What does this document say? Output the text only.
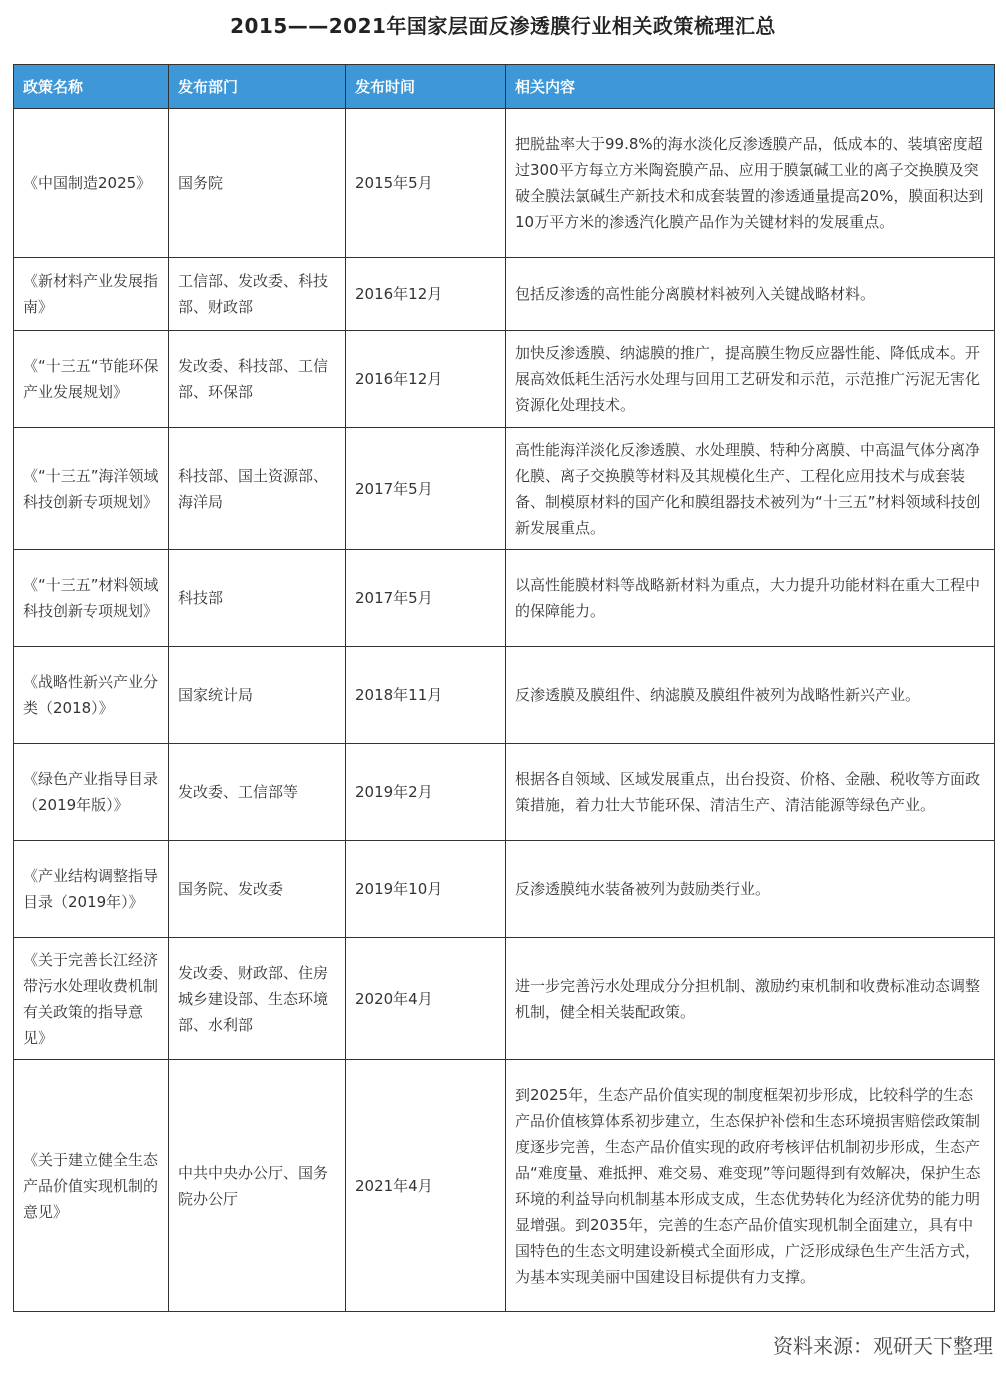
2015——2021年国家层面反渗透膜行业相关政策梳理汇总
政策名称	发布部门	发布时间	相关内容
《中国制造2025》	国务院	2015年5月	把脱盐率大于99.8%的海水淡化反渗透膜产品，低成本的、装填密度超过300平方每立方米陶瓷膜产品、应用于膜氯碱工业的离子交换膜及突破全膜法氯碱生产新技术和成套装置的渗透通量提高20%，膜面积达到10万平方米的渗透汽化膜产品作为关键材料的发展重点。
《新材料产业发展指南》	工信部、发改委、科技部、财政部	2016年12月	包括反渗透的高性能分离膜材料被列入关键战略材料。
《“十三五“节能环保产业发展规划》	发改委、科技部、工信部、环保部	2016年12月	加快反渗透膜、纳滤膜的推广，提高膜生物反应器性能、降低成本。开展高效低耗生活污水处理与回用工艺研发和示范，示范推广污泥无害化资源化处理技术。
《“十三五”海洋领域科技创新专项规划》	科技部、国土资源部、海洋局	2017年5月	高性能海洋淡化反渗透膜、水处理膜、特种分离膜、中高温气体分离净化膜、离子交换膜等材料及其规模化生产、工程化应用技术与成套装备、制模原材料的国产化和膜组器技术被列为“十三五”材料领域科技创新发展重点。
《“十三五”材料领域科技创新专项规划》	科技部	2017年5月	以高性能膜材料等战略新材料为重点，大力提升功能材料在重大工程中的保障能力。
《战略性新兴产业分类（2018）》	国家统计局	2018年11月	反渗透膜及膜组件、纳滤膜及膜组件被列为战略性新兴产业。
《绿色产业指导目录（2019年版）》	发改委、工信部等	2019年2月	根据各自领域、区域发展重点，出台投资、价格、金融、税收等方面政策措施，着力壮大节能环保、清洁生产、清洁能源等绿色产业。
《产业结构调整指导目录（2019年）》	国务院、发改委	2019年10月	反渗透膜纯水装备被列为鼓励类行业。
《关于完善长江经济带污水处理收费机制有关政策的指导意见》	发改委、财政部、住房城乡建设部、生态环境部、水利部	2020年4月	进一步完善污水处理成分分担机制、激励约束机制和收费标准动态调整机制，健全相关装配政策。
《关于建立健全生态产品价值实现机制的意见》	中共中央办公厅、国务院办公厅	2021年4月	到2025年，生态产品价值实现的制度框架初步形成，比较科学的生态产品价值核算体系初步建立，生态保护补偿和生态环境损害赔偿政策制度逐步完善，生态产品价值实现的政府考核评估机制初步形成，生态产品“难度量、难抵押、难交易、难变现”等问题得到有效解决，保护生态环境的利益导向机制基本形成支成，生态优势转化为经济优势的能力明显增强。到2035年，完善的生态产品价值实现机制全面建立，具有中国特色的生态文明建设新模式全面形成，广泛形成绿色生产生活方式，为基本实现美丽中国建设目标提供有力支撑。
资料来源：观研天下整理
